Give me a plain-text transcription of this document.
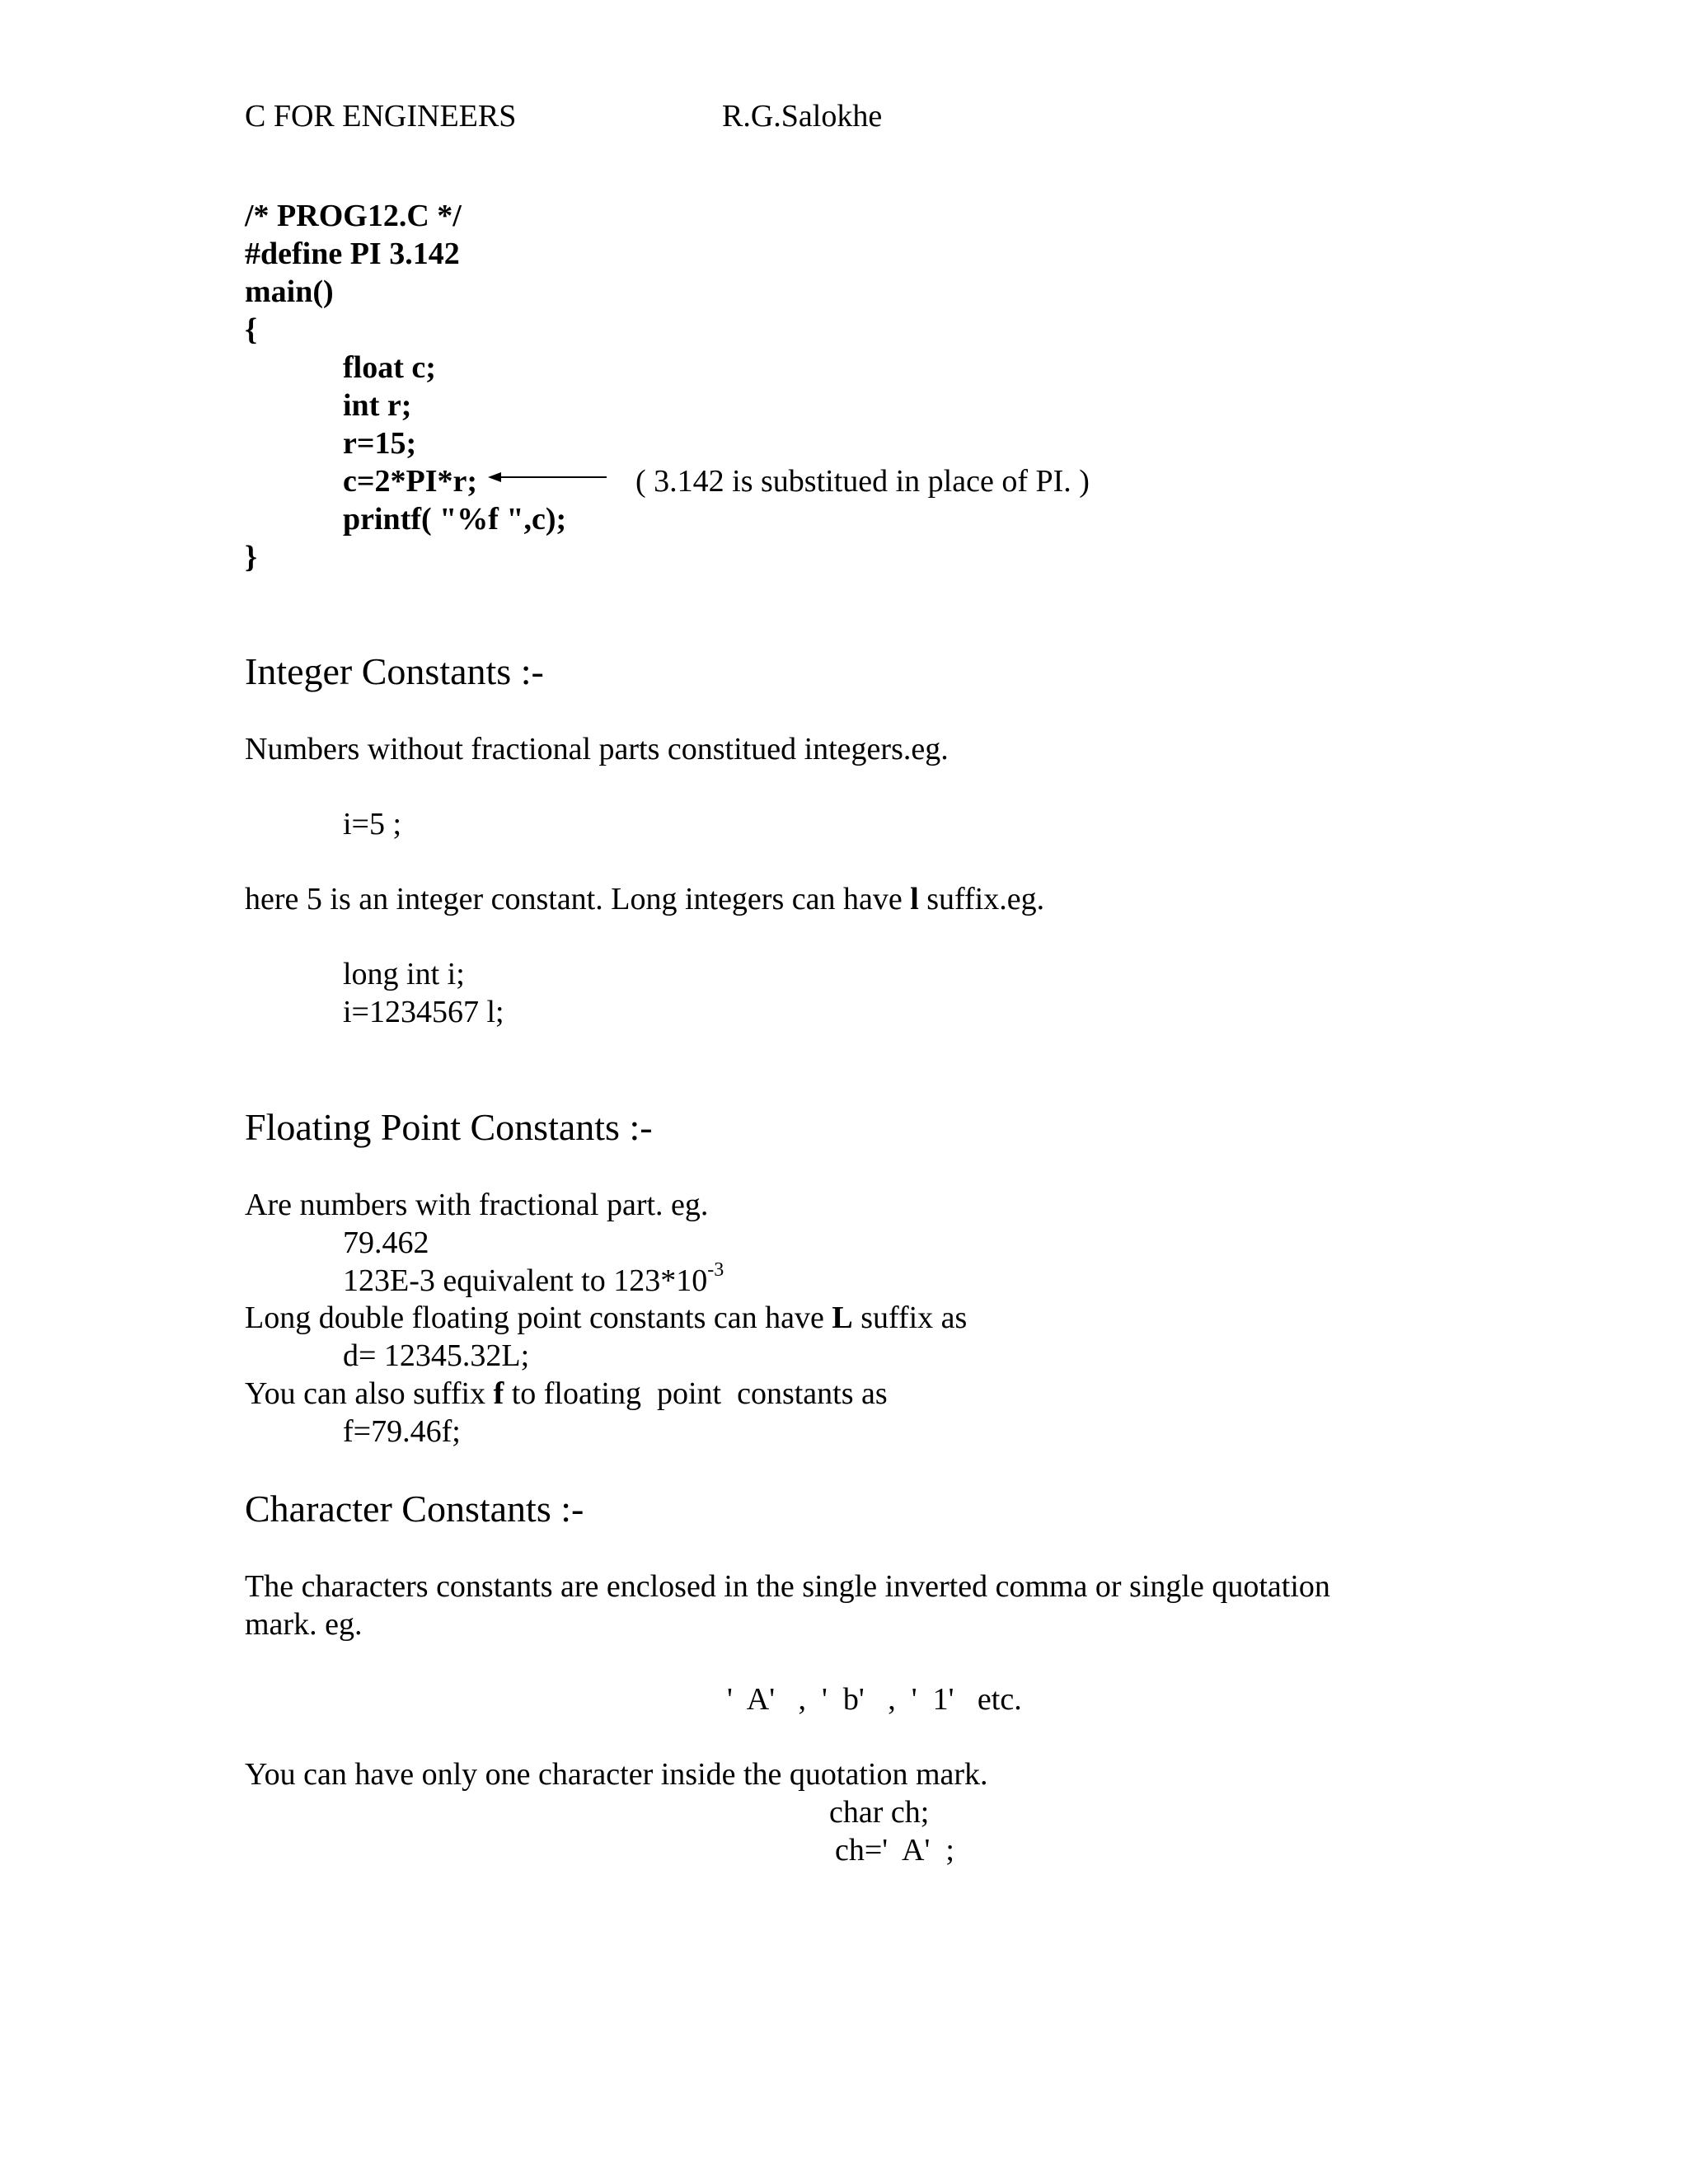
C FOR ENGINEERS	R.G.Salokhe
/* PROG12.C */
#define PI 3.142
main()
{
float c;
int r;
r=15;
c=2*PI*r;	( 3.142 is substitued in place of PI. )
printf( "%f ",c);
}
Integer Constants :-
Numbers without fractional parts constitued integers.eg.
i=5 ;
here 5 is an integer constant. Long integers can have l suffix.eg.
long int i;
i=1234567 l;
Floating Point Constants :-
Are numbers with fractional part. eg.
79.462
123E-3 equivalent to $123*10^{-3}$
Long double floating point constants can have L suffix as
d= 12345.32L;
You can also suffix f to floating  point  constants as
f=79.46f;
Character Constants :-
The characters constants are enclosed in the single inverted comma or single quotation
mark. eg.
'  A'   ,  '  b'   ,  '  1'   etc.
You can have only one character inside the quotation mark.
char ch;
ch='  A'  ;
